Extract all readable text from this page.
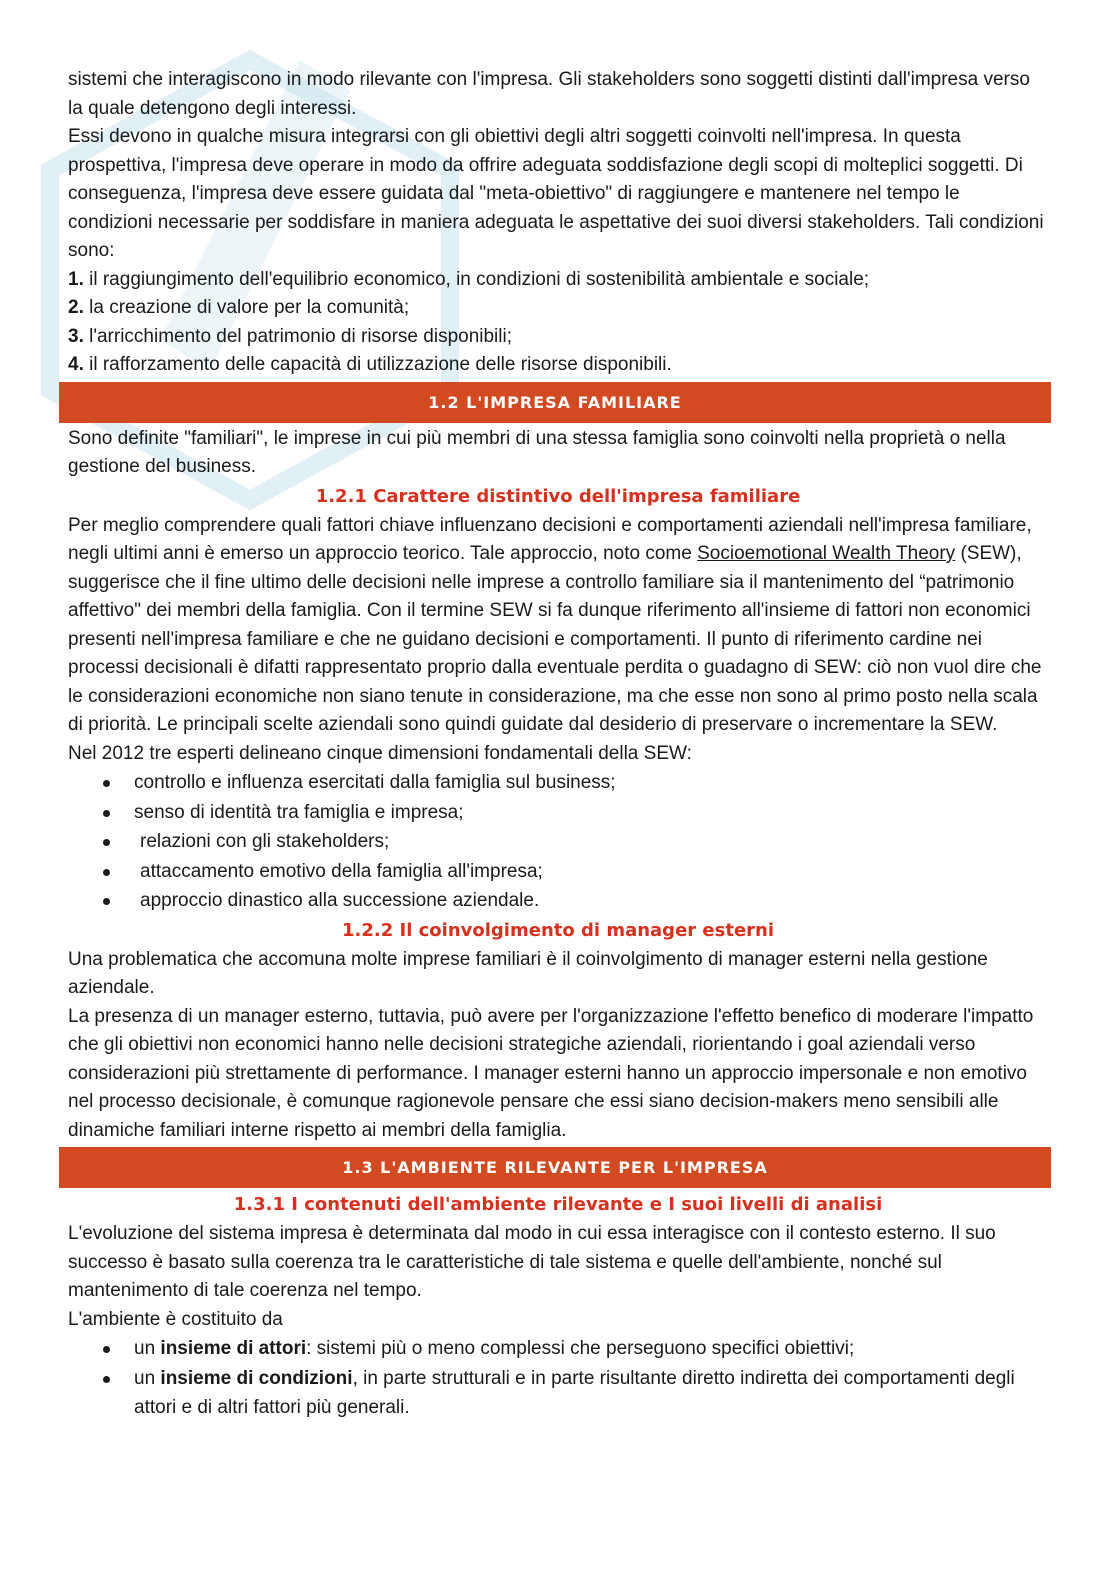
sistemi che interagiscono in modo rilevante con l'impresa. Gli stakeholders sono soggetti distinti dall'impresa verso la quale detengono degli interessi.

Essi devono in qualche misura integrarsi con gli obiettivi degli altri soggetti coinvolti nell'impresa. In questa prospettiva, l'impresa deve operare in modo da offrire adeguata soddisfazione degli scopi di molteplici soggetti. Di conseguenza, l'impresa deve essere guidata dal "meta-obiettivo" di raggiungere e mantenere nel tempo le condizioni necessarie per soddisfare in maniera adeguata le aspettative dei suoi diversi stakeholders. Tali condizioni sono:

1. il raggiungimento dell'equilibrio economico, in condizioni di sostenibilità ambientale e sociale;

2. la creazione di valore per la comunità;

3. l'arricchimento del patrimonio di risorse disponibili;

4. il rafforzamento delle capacità di utilizzazione delle risorse disponibili.

1.2 L'IMPRESA FAMILIARE

Sono definite "familiari", le imprese in cui più membri di una stessa famiglia sono coinvolti nella proprietà o nella gestione del business.

1.2.1 Carattere distintivo dell'impresa familiare

Per meglio comprendere quali fattori chiave influenzano decisioni e comportamenti aziendali nell'impresa familiare, negli ultimi anni è emerso un approccio teorico. Tale approccio, noto come Socioemotional Wealth Theory (SEW), suggerisce che il fine ultimo delle decisioni nelle imprese a controllo familiare sia il mantenimento del “patrimonio affettivo" dei membri della famiglia. Con il termine SEW si fa dunque riferimento all'insieme di fattori non economici presenti nell'impresa familiare e che ne guidano decisioni e comportamenti. Il punto di riferimento cardine nei processi decisionali è difatti rappresentato proprio dalla eventuale perdita o guadagno di SEW: ciò non vuol dire che le considerazioni economiche non siano tenute in considerazione, ma che esse non sono al primo posto nella scala di priorità. Le principali scelte aziendali sono quindi guidate dal desiderio di preservare o incrementare la SEW.

Nel 2012 tre esperti delineano cinque dimensioni fondamentali della SEW:

controllo e influenza esercitati dalla famiglia sul business;
senso di identità tra famiglia e impresa;
relazioni con gli stakeholders;
attaccamento emotivo della famiglia all'impresa;
approccio dinastico alla successione aziendale.
1.2.2 Il coinvolgimento di manager esterni

Una problematica che accomuna molte imprese familiari è il coinvolgimento di manager esterni nella gestione aziendale.

La presenza di un manager esterno, tuttavia, può avere per l'organizzazione l'effetto benefico di moderare l'impatto che gli obiettivi non economici hanno nelle decisioni strategiche aziendali, riorientando i goal aziendali verso considerazioni più strettamente di performance. I manager esterni hanno un approccio impersonale e non emotivo nel processo decisionale, è comunque ragionevole pensare che essi siano decision-makers meno sensibili alle dinamiche familiari interne rispetto ai membri della famiglia.

1.3 L'AMBIENTE RILEVANTE PER L'IMPRESA
1.3.1 I contenuti dell'ambiente rilevante e I suoi livelli di analisi

L'evoluzione del sistema impresa è determinata dal modo in cui essa interagisce con il contesto esterno. Il suo successo è basato sulla coerenza tra le caratteristiche di tale sistema e quelle dell'ambiente, nonché sul mantenimento di tale coerenza nel tempo.

L'ambiente è costituito da

un insieme di attori: sistemi più o meno complessi che perseguono specifici obiettivi;
un insieme di condizioni, in parte strutturali e in parte risultante diretto indiretta dei comportamenti degli attori e di altri fattori più generali.
